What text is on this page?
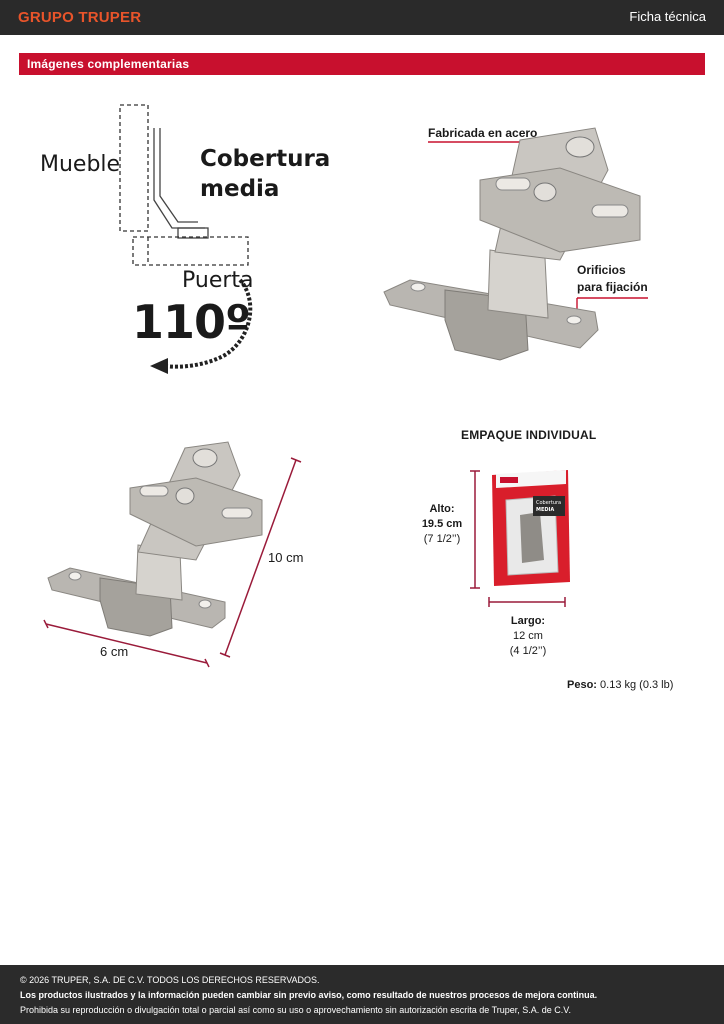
GRUPO TRUPER	Ficha técnica
Imágenes complementarias
Cobertura
MEDIA
Mueble	Cobertura
media
Puerta
110º
Fabricada en acero
Orificios
para fijación
10 cm
6 cm
EMPAQUE INDIVIDUAL
Alto:
19.5 cm
(7 1/2’’)
Largo:
12 cm
(4 1/2’’)
Peso: 0.13 kg (0.3 lb)
© 2026 TRUPER, S.A. DE C.V. TODOS LOS DERECHOS RESERVADOS.
Los productos ilustrados y la información pueden cambiar sin previo aviso, como resultado de nuestros procesos de mejora continua.
Prohibida su reproducción o divulgación total o parcial así como su uso o aprovechamiento sin autorización escrita de Truper, S.A. de C.V.
